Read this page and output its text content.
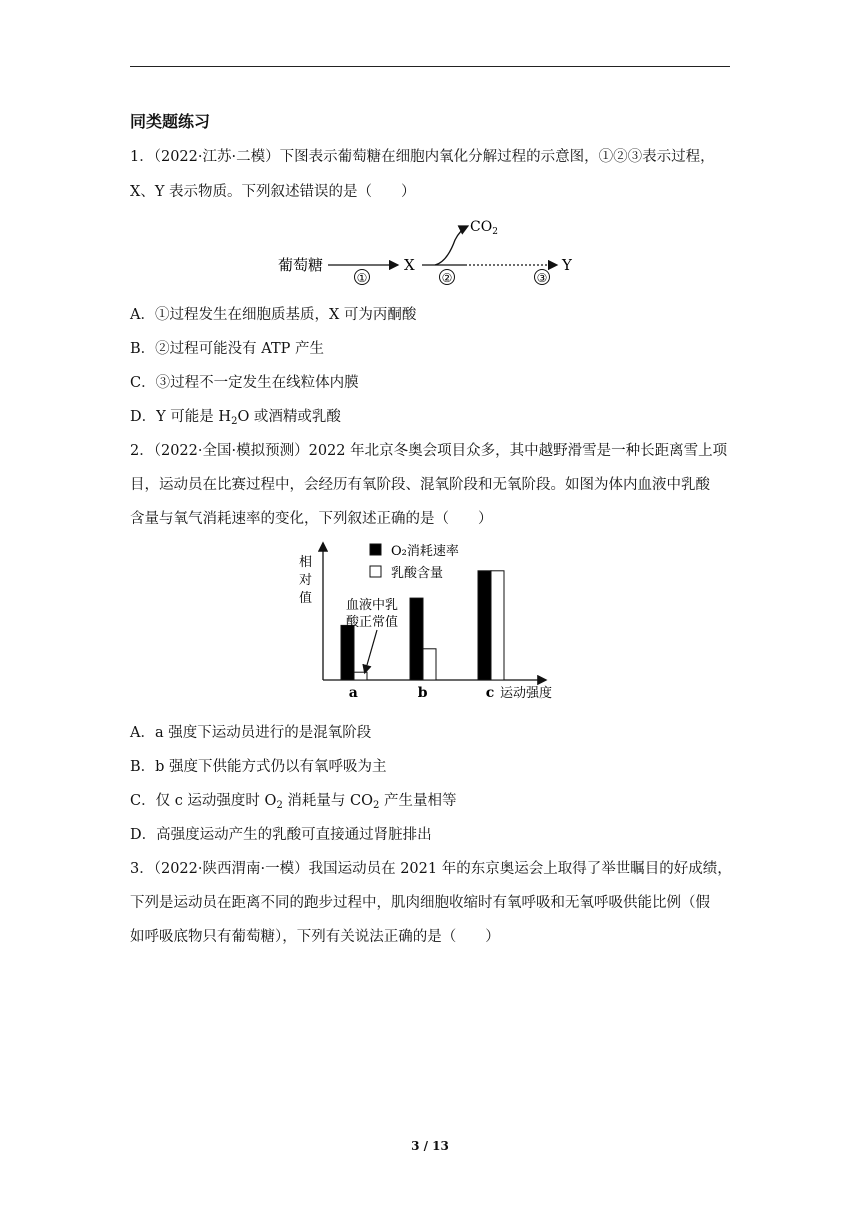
同类题练习
1．（2022·江苏·二模）下图表示葡萄糖在细胞内氧化分解过程的示意图，①②③表示过程，
X、Y 表示物质。下列叙述错误的是（　　）
葡萄糖
①
X
$CO_2$
②	③
Y
A．①过程发生在细胞质基质，X 可为丙酮酸
B．②过程可能没有 ATP 产生
C．③过程不一定发生在线粒体内膜
D．Y 可能是 $H_2O$ 或酒精或乳酸
2．（2022·全国·模拟预测）2022 年北京冬奥会项目众多，其中越野滑雪是一种长距离雪上项
目，运动员在比赛过程中，会经历有氧阶段、混氧阶段和无氧阶段。如图为体内血液中乳酸
含量与氧气消耗速率的变化，下列叙述正确的是（　　）
相
对
值
a	b	c 运动强度
O₂消耗速率
乳酸含量
血液中乳
酸正常值
A．a 强度下运动员进行的是混氧阶段
B．b 强度下供能方式仍以有氧呼吸为主
C．仅 c 运动强度时 $O_2$ 消耗量与 $CO_2$ 产生量相等
D．高强度运动产生的乳酸可直接通过肾脏排出
3．（2022·陕西渭南·一模）我国运动员在 2021 年的东京奥运会上取得了举世瞩目的好成绩，
下列是运动员在距离不同的跑步过程中，肌肉细胞收缩时有氧呼吸和无氧呼吸供能比例（假
如呼吸底物只有葡萄糖），下列有关说法正确的是（　　）
3 / 13
